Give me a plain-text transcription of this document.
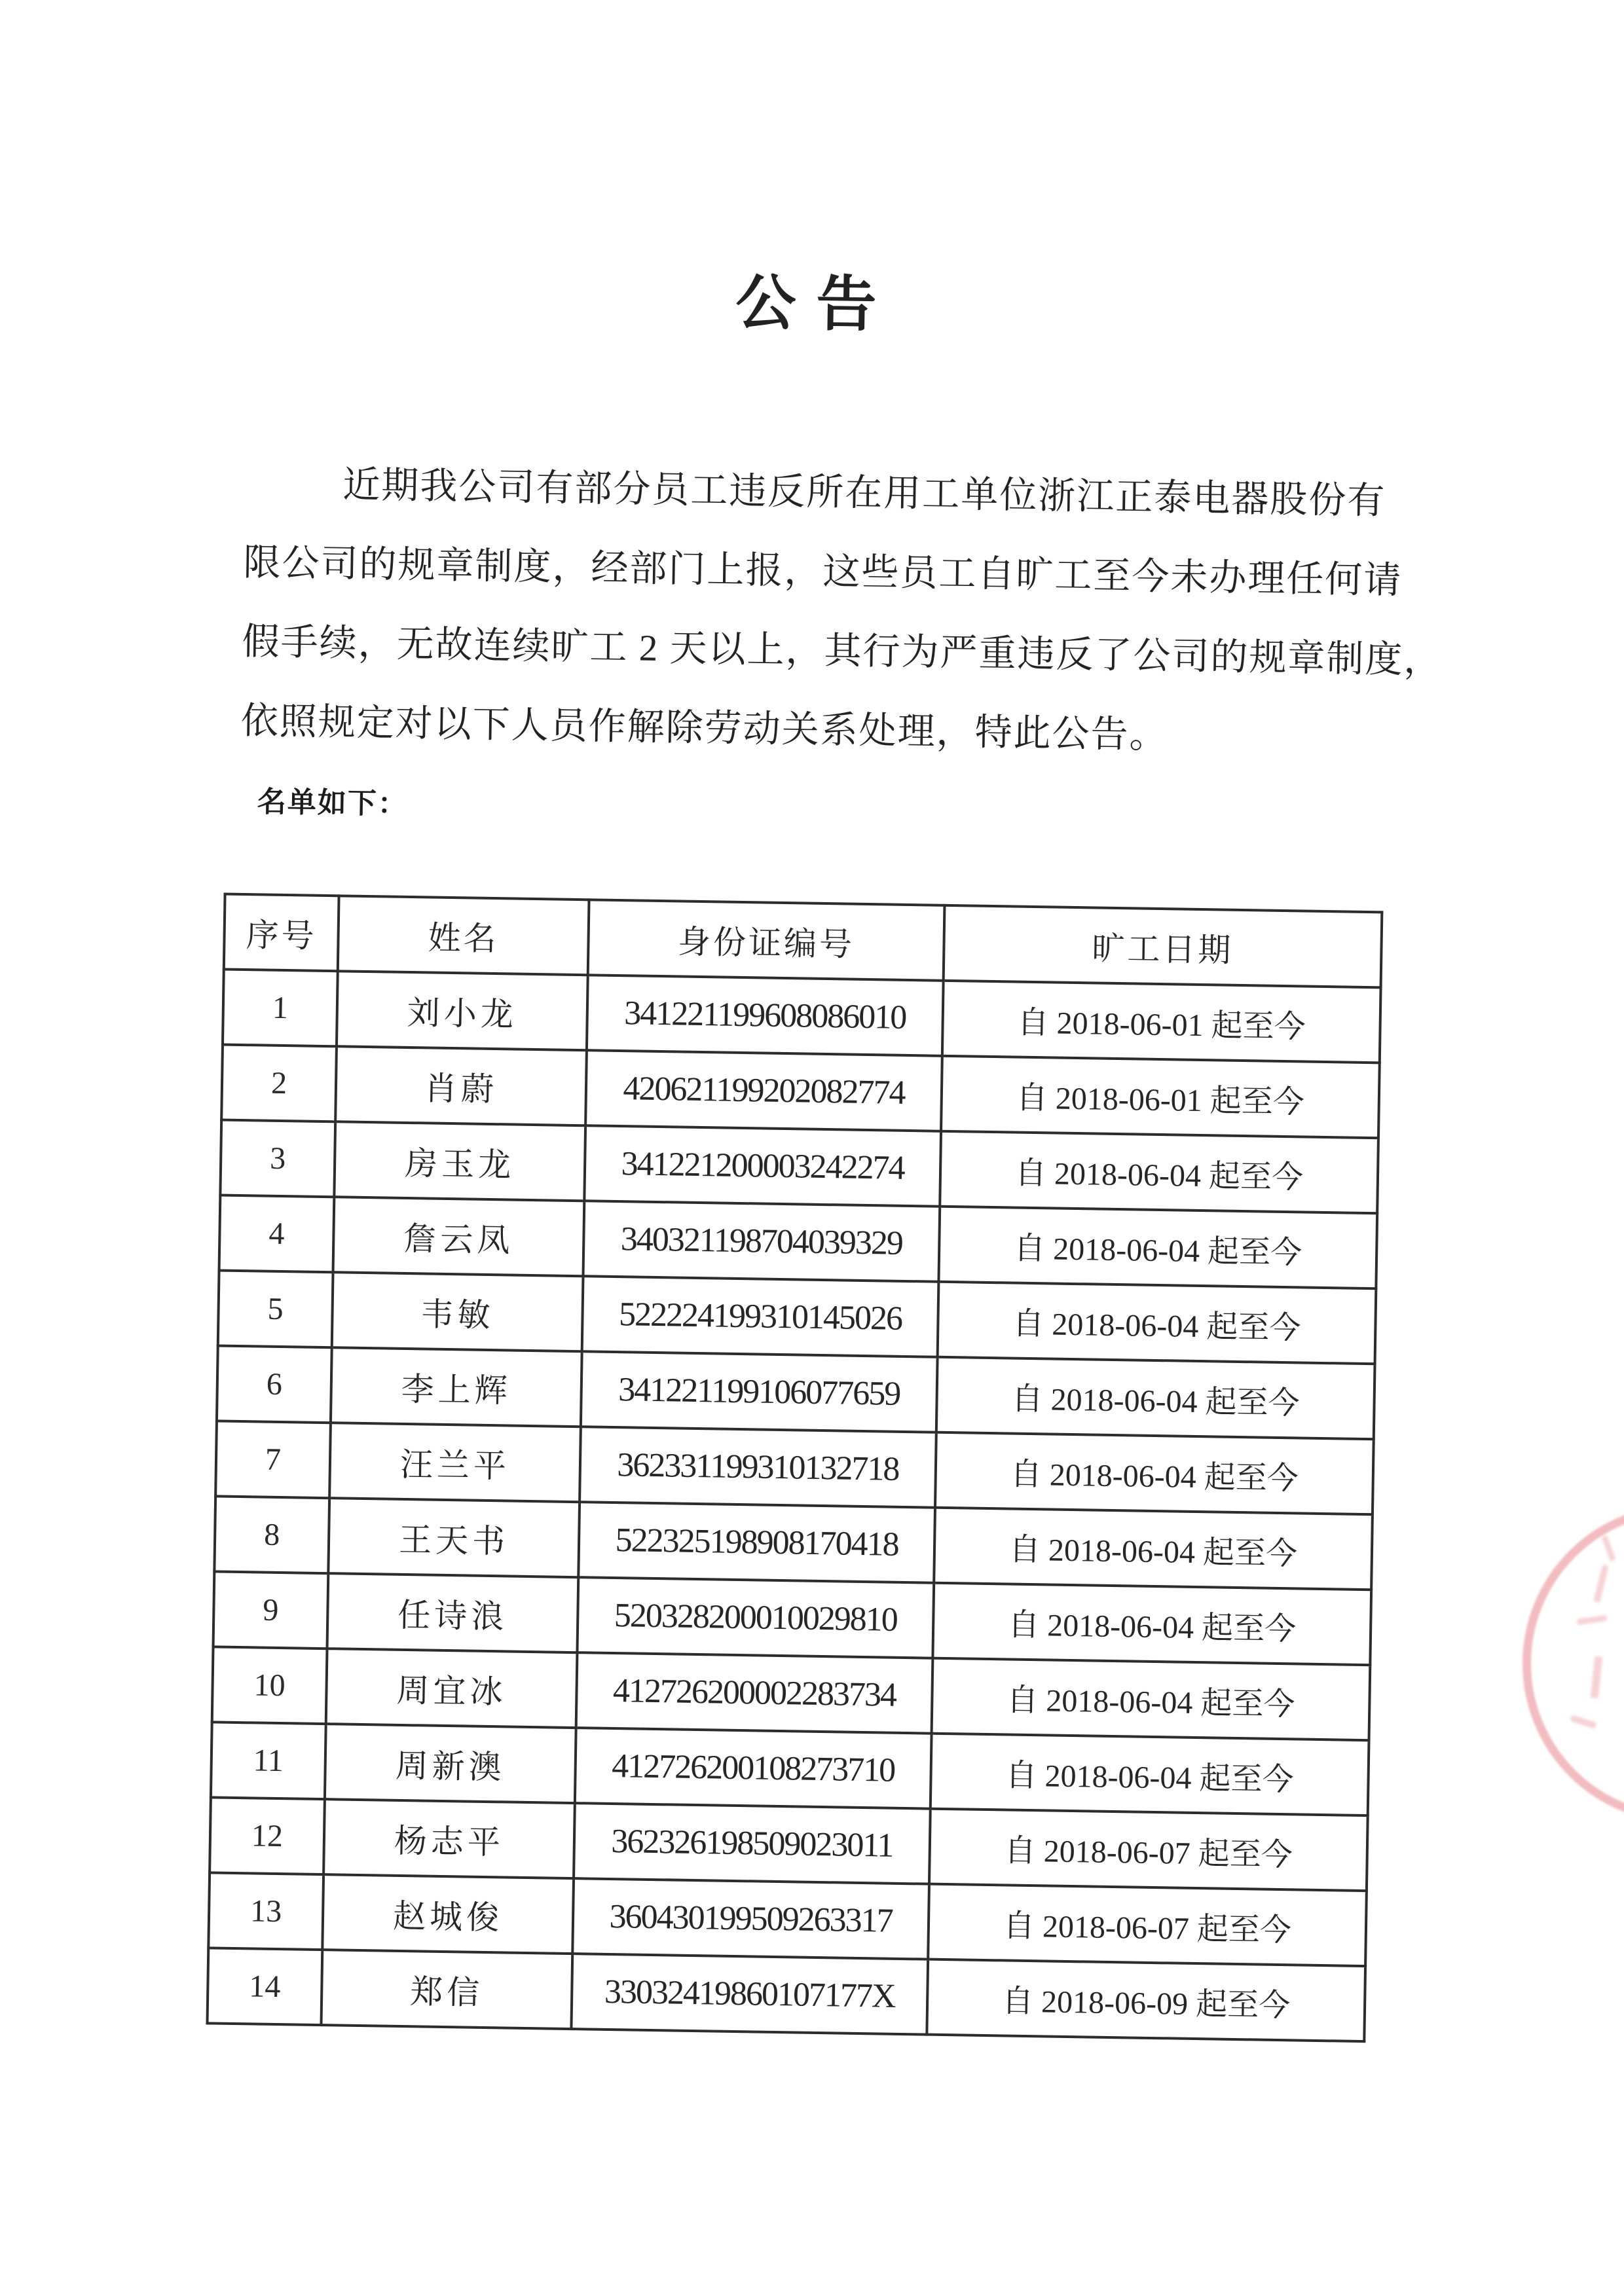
公 告
近期我公司有部分员工违反所在用工单位浙江正泰电器股份有
限公司的规章制度，经部门上报，这些员工自旷工至今未办理任何请
假手续，无故连续旷工 2 天以上，其行为严重违反了公司的规章制度，
依照规定对以下人员作解除劳动关系处理，特此公告。
名单如下：
序号	姓名	身份证编号	旷工日期
1	刘小龙	341221199608086010	自 2018-06-01 起至今
2	肖蔚	420621199202082774	自 2018-06-01 起至今
3	房玉龙	341221200003242274	自 2018-06-04 起至今
4	詹云凤	340321198704039329	自 2018-06-04 起至今
5	韦敏	522224199310145026	自 2018-06-04 起至今
6	李上辉	341221199106077659	自 2018-06-04 起至今
7	汪兰平	362331199310132718	自 2018-06-04 起至今
8	王天书	522325198908170418	自 2018-06-04 起至今
9	任诗浪	520328200010029810	自 2018-06-04 起至今
10	周宜冰	412726200002283734	自 2018-06-04 起至今
11	周新澳	412726200108273710	自 2018-06-04 起至今
12	杨志平	362326198509023011	自 2018-06-07 起至今
13	赵城俊	360430199509263317	自 2018-06-07 起至今
14	郑信	33032419860107177X	自 2018-06-09 起至今
